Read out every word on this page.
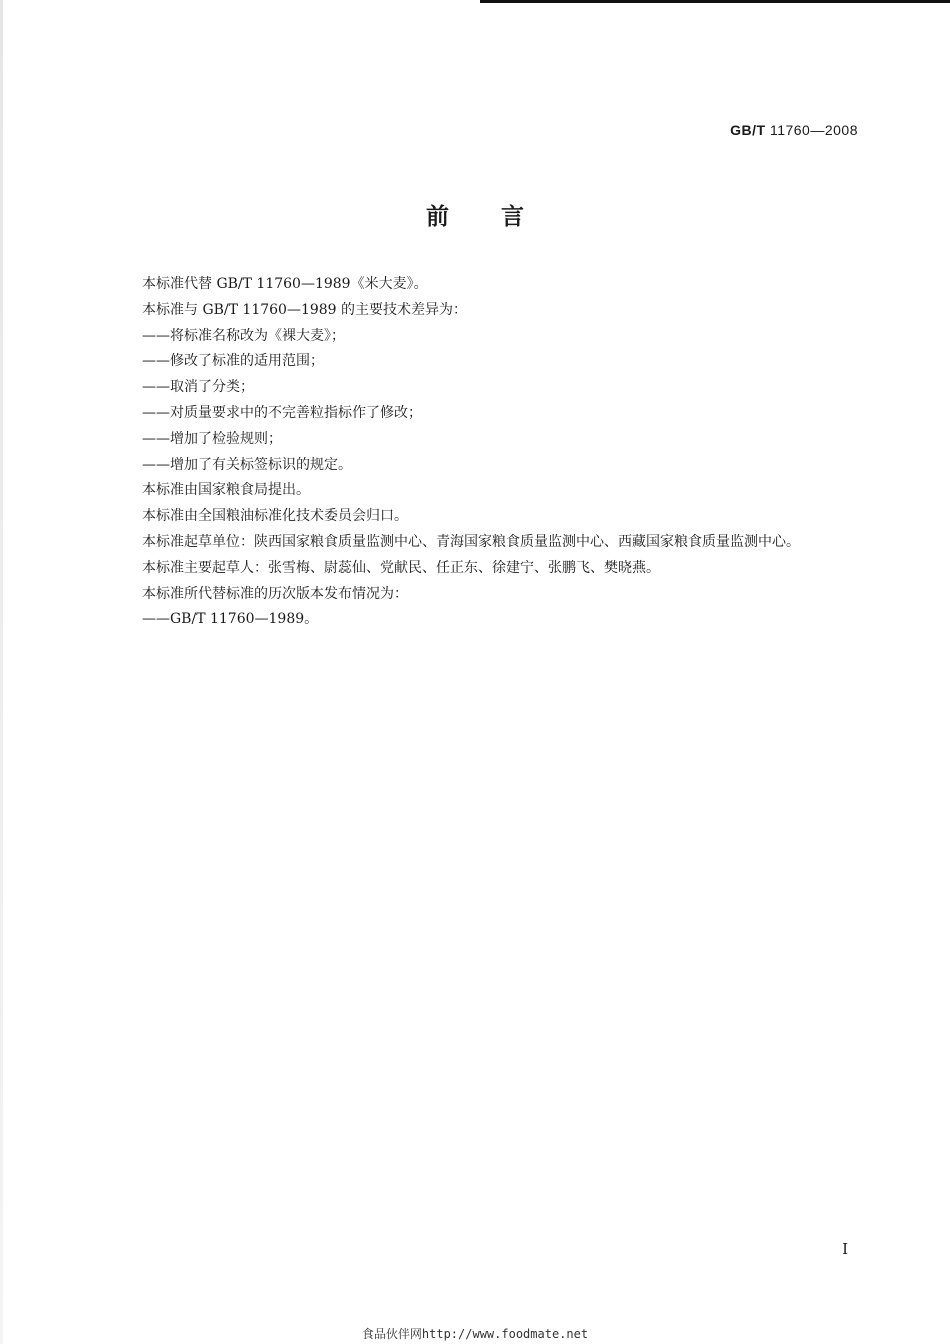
GB/T 11760—2008
前言

本标准代替 GB/T 11760—1989《米大麦》。

本标准与 GB/T 11760—1989 的主要技术差异为：

——将标准名称改为《裸大麦》；

——修改了标准的适用范围；

——取消了分类；

——对质量要求中的不完善粒指标作了修改；

——增加了检验规则；

——增加了有关标签标识的规定。

本标准由国家粮食局提出。

本标准由全国粮油标准化技术委员会归口。

本标准起草单位：陕西国家粮食质量监测中心、青海国家粮食质量监测中心、西藏国家粮食质量监测中心。

本标准主要起草人：张雪梅、尉蕊仙、党献民、任正东、徐建宁、张鹏飞、樊晓燕。

本标准所代替标准的历次版本发布情况为：

——GB/T 11760—1989。

I
食品伙伴网http://www.foodmate.net
